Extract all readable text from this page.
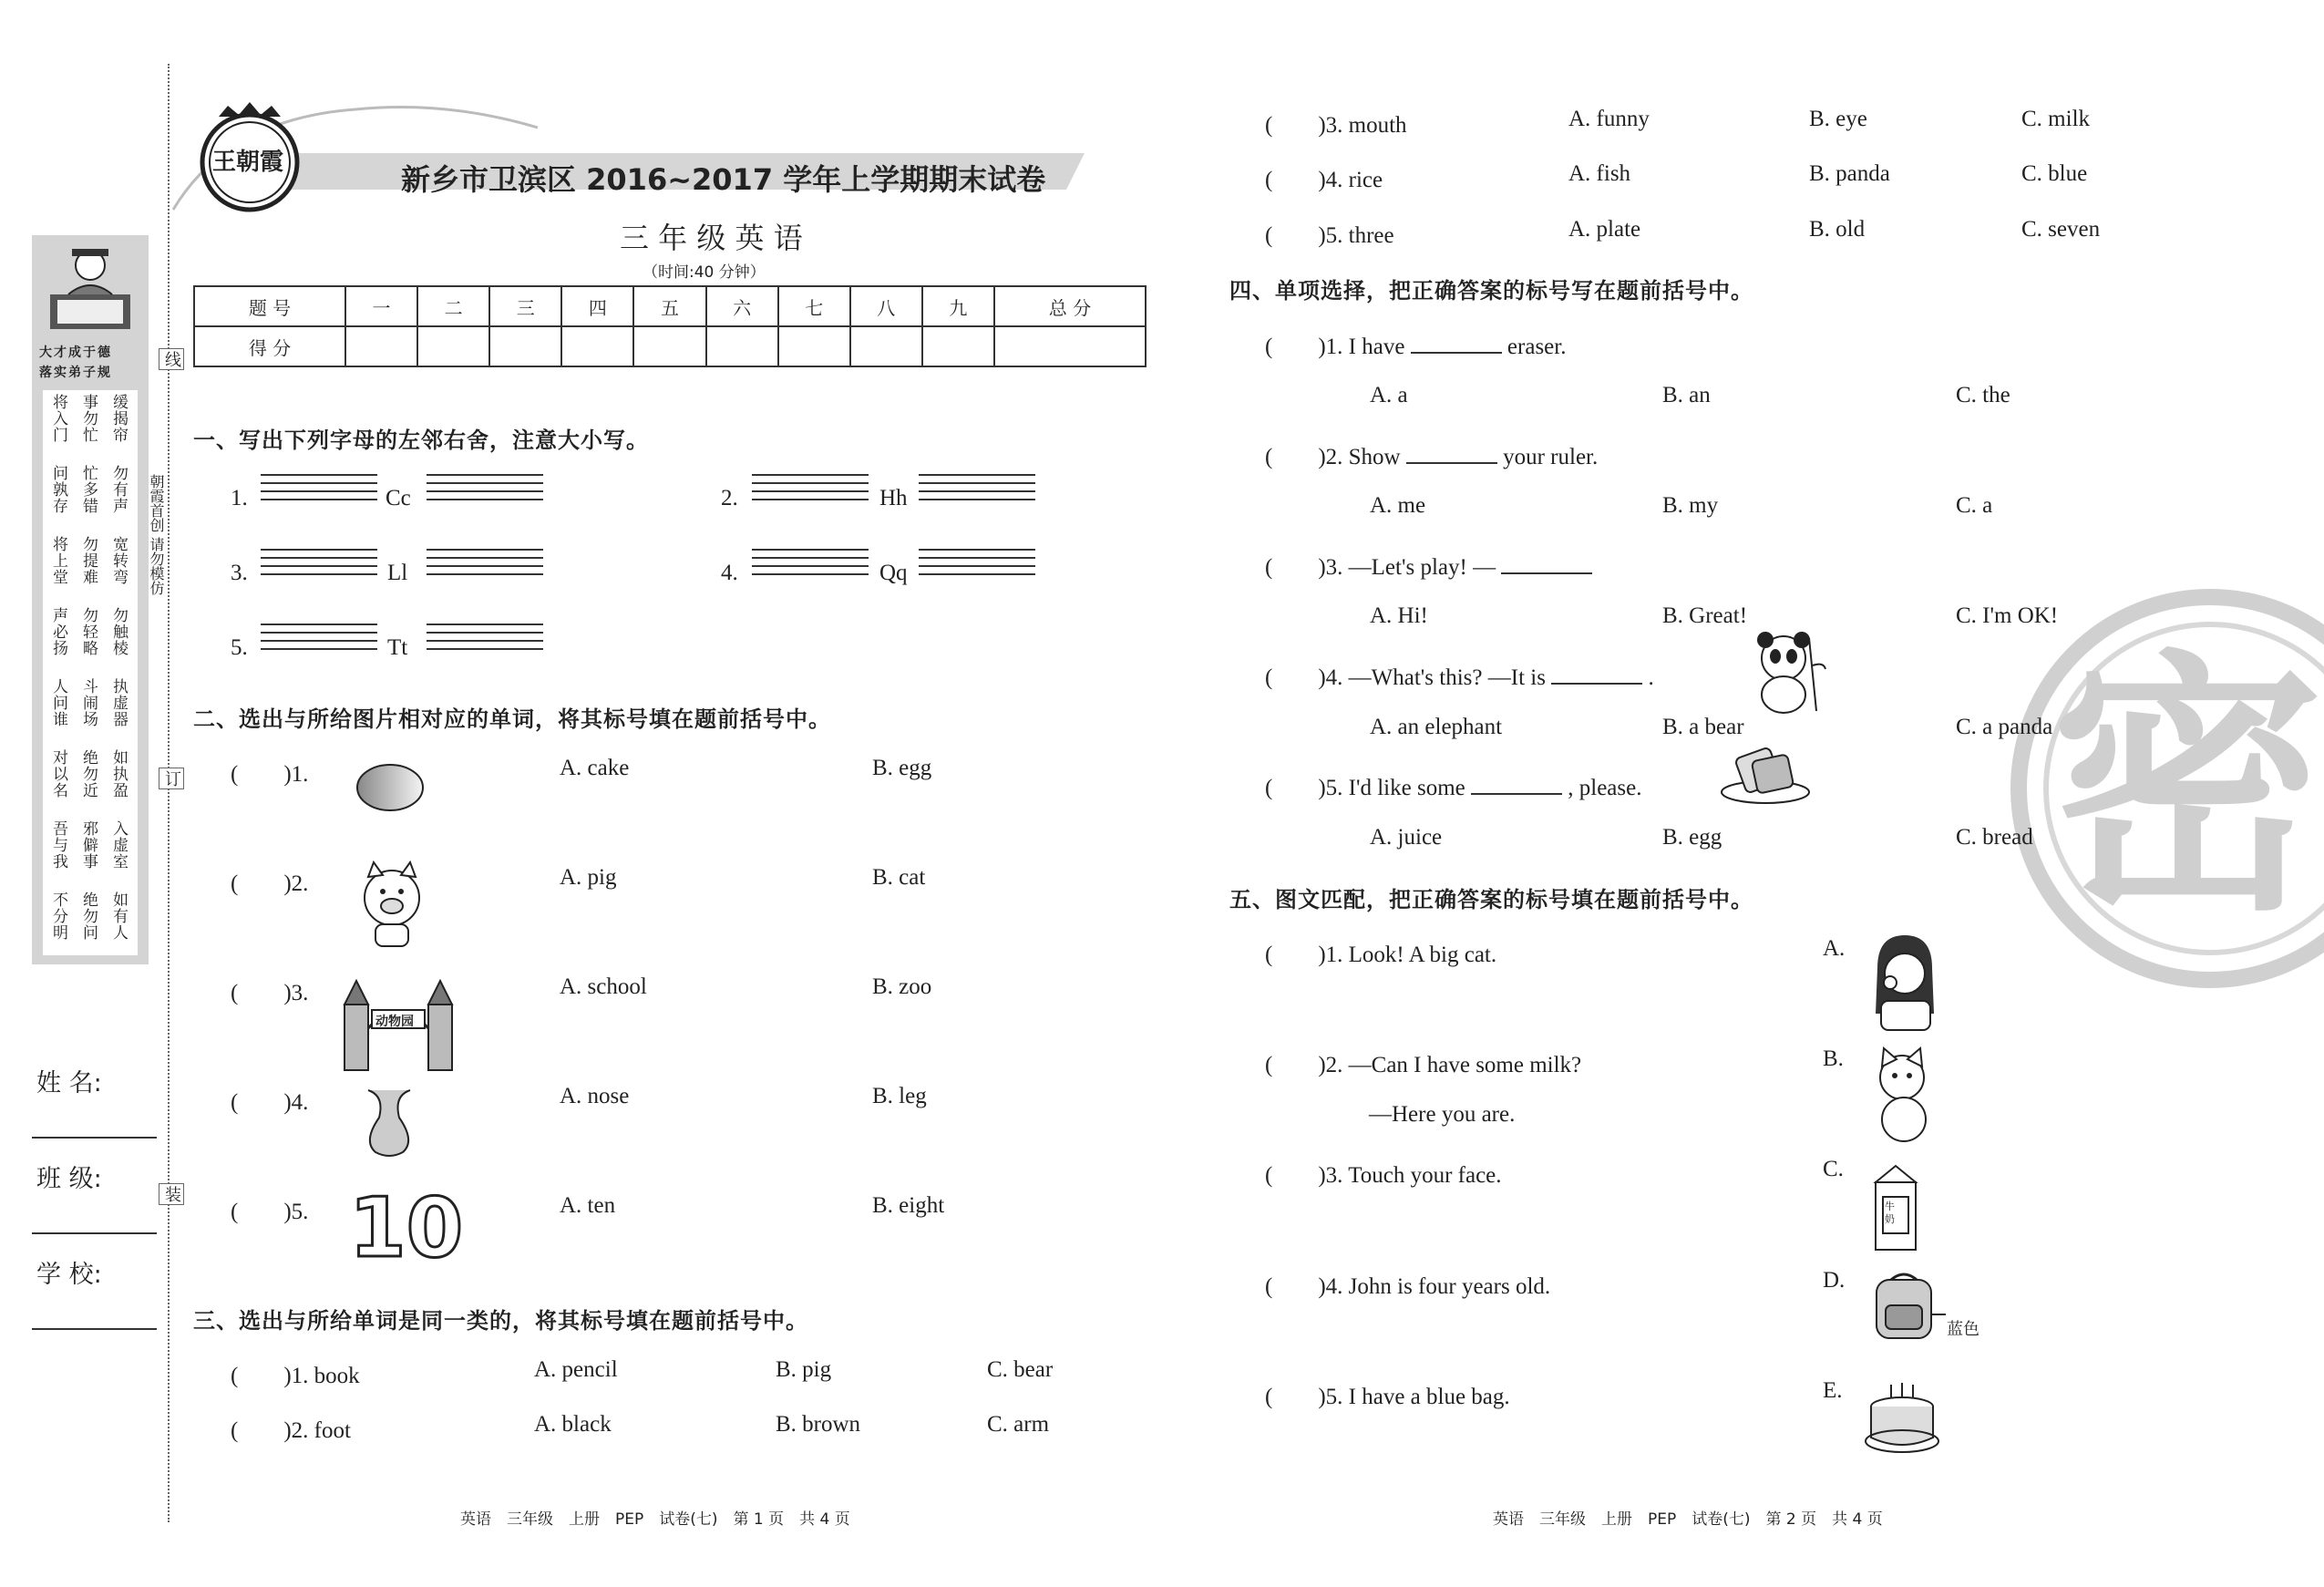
大才成于德
落实弟子规
将入门 事勿忙 缓揭帘
问孰存 忙多错 勿有声
将上堂 勿提难 宽转弯
声必扬 勿轻略 勿触棱
人问谁 斗闹场 执虚器
对以名 绝勿近 如执盈
吾与我 邪僻事 入虚室
不分明 绝勿问 如有人
线
订
装
朝霞首创 请勿模仿
姓 名:
班 级:
学 校:
王朝霞	新乡市卫滨区 2016~2017 学年上学期期末试卷
三 年 级 英 语
（时间:40 分钟）
题 号	一	二	三	四	五	六	七	八	九	总 分
得 分										
一、写出下列字母的左邻右舍，注意大小写。
1.	Cc	2.	Hh
3.	Ll	4.	Qq
5.	Tt
二、选出与所给图片相对应的单词，将其标号填在题前括号中。
(　　)1.	A. cake	B. egg
(　　)2.	A. pig	B. cat
(　　)3.
动物园
A. school	B. zoo
(　　)4.	A. nose	B. leg
(　　)5. 10	A. ten	B. eight
三、选出与所给单词是同一类的，将其标号填在题前括号中。
(　　)1. book	A. pencil	B. pig	C. bear
(　　)2. foot	A. black	B. brown	C. arm
英语　三年级　上册　PEP　试卷(七)　第 1 页　共 4 页
(　　)3. mouth	A. funny	B. eye	C. milk
(　　)4. rice	A. fish	B. panda	C. blue
(　　)5. three	A. plate	B. old	C. seven
密
四、单项选择，把正确答案的标号写在题前括号中。
(　　)1. I have	eraser.
A. a	B. an	C. the
(　　)2. Show	your ruler.
A. me	B. my	C. a
(　　)3. —Let's play! —
A. Hi!	B. Great!	C. I'm OK!
(　　)4. —What's this? —It is	.
A. an elephant	B. a bear	C. a panda
(　　)5. I'd like some	, please.
A. juice	B. egg	C. bread
五、图文匹配，把正确答案的标号填在题前括号中。
(　　)1. Look! A big cat.	A.
(　　)2. —Can I have some milk?
—Here you are.
B.
(　　)3. Touch your face.	C.
牛奶
(　　)4. John is four years old.	D.
蓝色
(　　)5. I have a blue bag.	E.
英语　三年级　上册　PEP　试卷(七)　第 2 页　共 4 页
